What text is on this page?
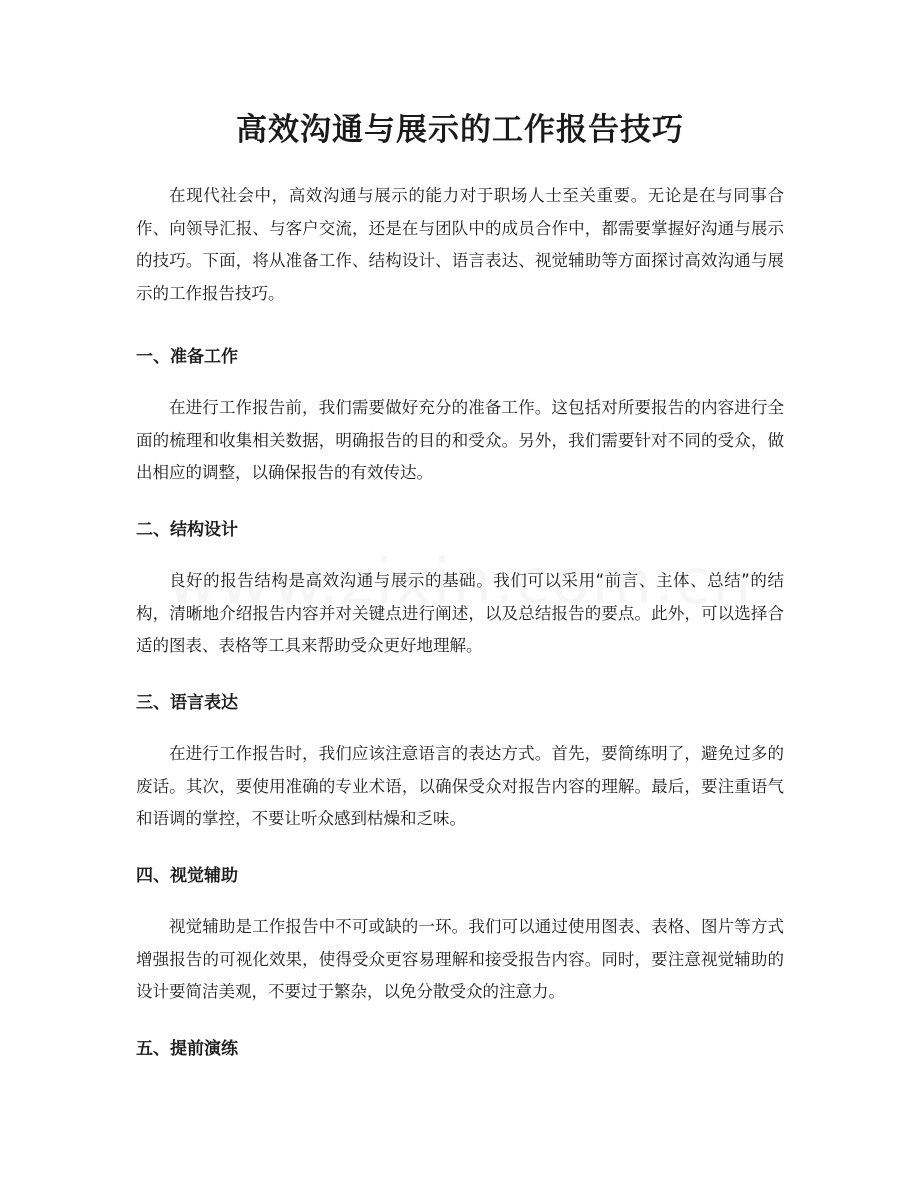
高效沟通与展示的工作报告技巧

在现代社会中，高效沟通与展示的能力对于职场人士至关重要。无论是在与同事合作、向领导汇报、与客户交流，还是在与团队中的成员合作中，都需要掌握好沟通与展示的技巧。下面，将从准备工作、结构设计、语言表达、视觉辅助等方面探讨高效沟通与展示的工作报告技巧。

一、准备工作

在进行工作报告前，我们需要做好充分的准备工作。这包括对所要报告的内容进行全面的梳理和收集相关数据，明确报告的目的和受众。另外，我们需要针对不同的受众，做出相应的调整，以确保报告的有效传达。

二、结构设计

良好的报告结构是高效沟通与展示的基础。我们可以采用“前言、主体、总结”的结构，清晰地介绍报告内容并对关键点进行阐述，以及总结报告的要点。此外，可以选择合适的图表、表格等工具来帮助受众更好地理解。

三、语言表达

在进行工作报告时，我们应该注意语言的表达方式。首先，要简练明了，避免过多的废话。其次，要使用准确的专业术语，以确保受众对报告内容的理解。最后，要注重语气和语调的掌控，不要让听众感到枯燥和乏味。

四、视觉辅助

视觉辅助是工作报告中不可或缺的一环。我们可以通过使用图表、表格、图片等方式增强报告的可视化效果，使得受众更容易理解和接受报告内容。同时，要注意视觉辅助的设计要简洁美观，不要过于繁杂，以免分散受众的注意力。

五、提前演练
